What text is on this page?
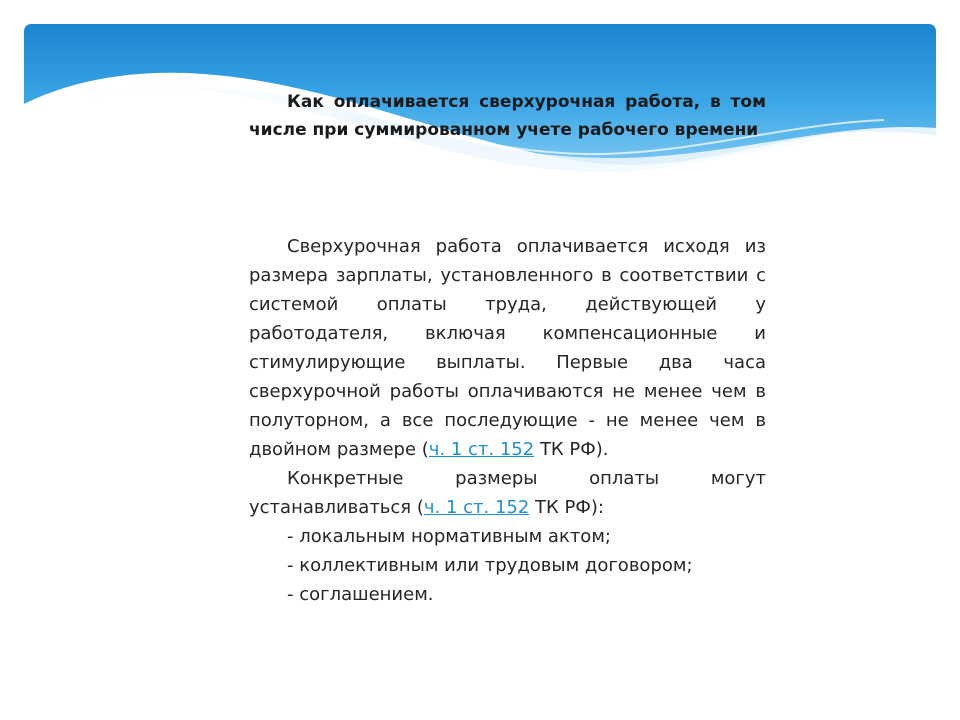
Как оплачивается сверхурочная работа, в том числе при суммированном учете рабочего времени

Сверхурочная работа оплачивается исходя из размера зарплаты, установленного в соответствии с системой оплаты труда, действующей у работодателя, включая компенсационные и стимулирующие выплаты. Первые два часа сверхурочной работы оплачиваются не менее чем в полуторном, а все последующие - не менее чем в двойном размере (ч. 1 ст. 152 ТК РФ).

Конкретные размеры оплаты могут устанавливаться (ч. 1 ст. 152 ТК РФ):

- локальным нормативным актом;

- коллективным или трудовым договором;

- соглашением.
